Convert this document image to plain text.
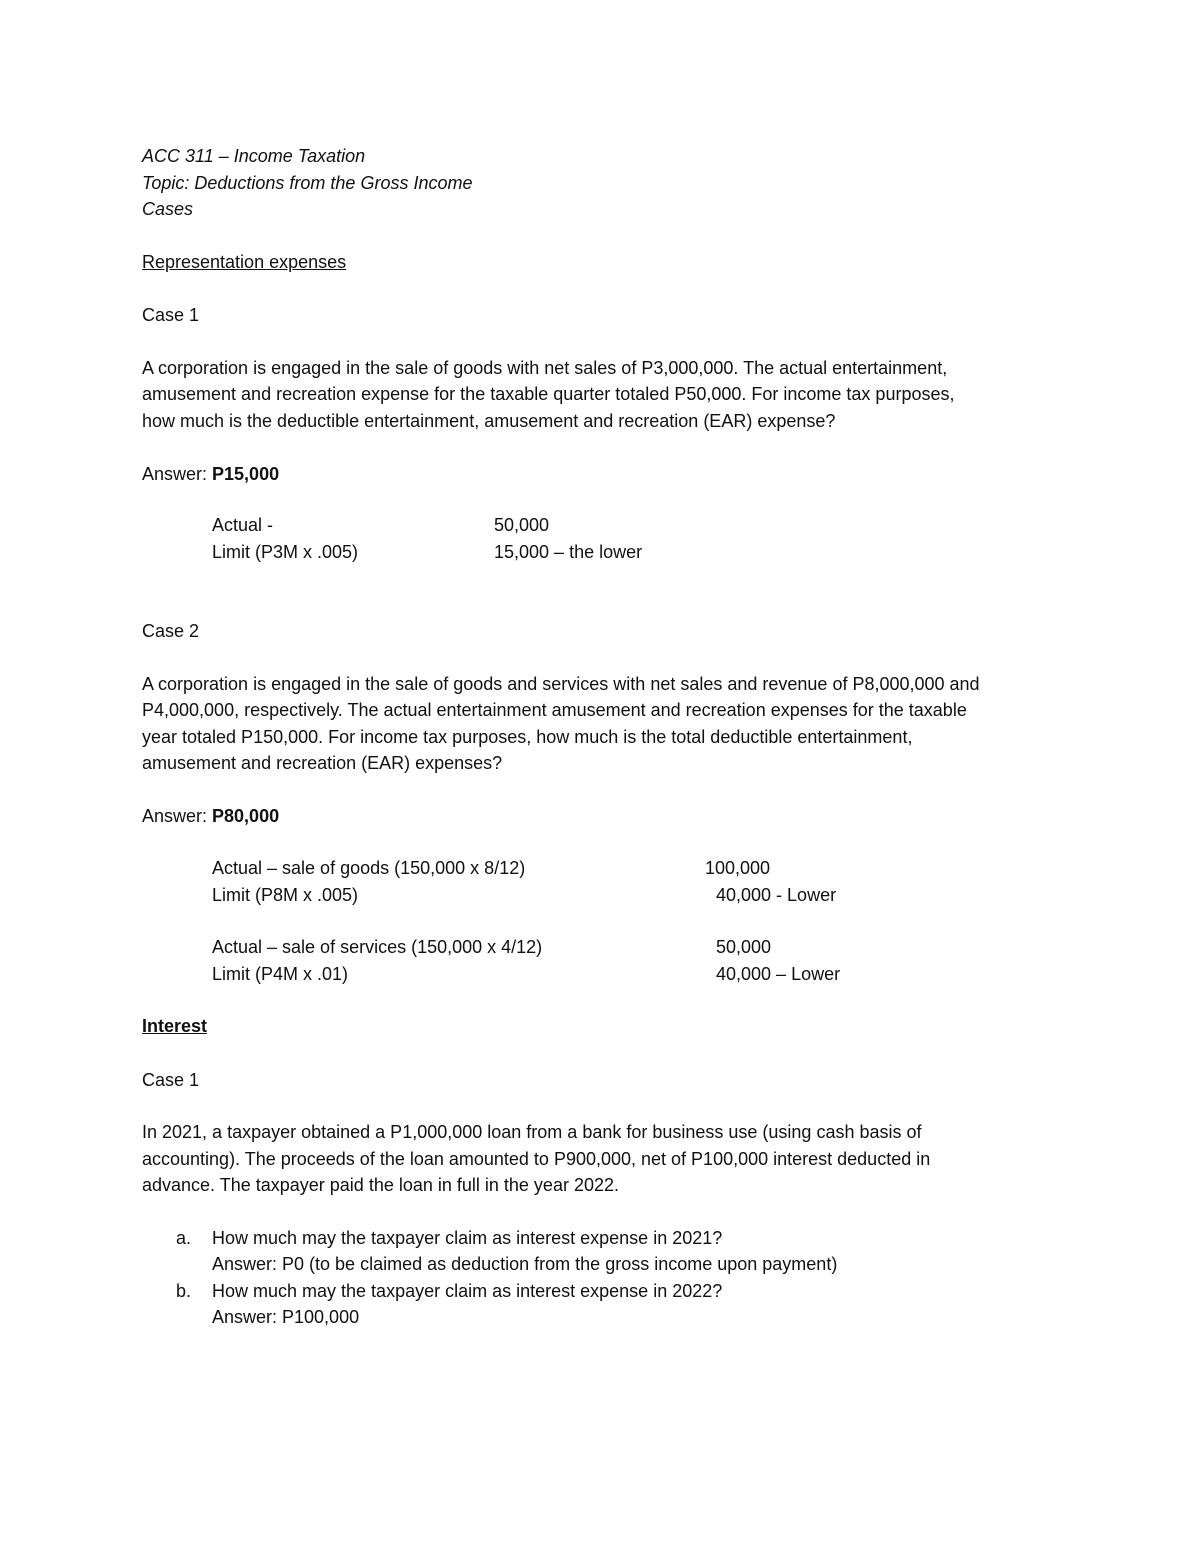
ACC 311 – Income Taxation
Topic: Deductions from the Gross Income
Cases
Representation expenses
Case 1
A corporation is engaged in the sale of goods with net sales of P3,000,000. The actual entertainment,
amusement and recreation expense for the taxable quarter totaled P50,000. For income tax purposes,
how much is the deductible entertainment, amusement and recreation (EAR) expense?
Answer: P15,000
Actual -	50,000
Limit (P3M x .005)	15,000 – the lower
Case 2
A corporation is engaged in the sale of goods and services with net sales and revenue of P8,000,000 and
P4,000,000, respectively. The actual entertainment amusement and recreation expenses for the taxable
year totaled P150,000. For income tax purposes, how much is the total deductible entertainment,
amusement and recreation (EAR) expenses?
Answer: P80,000
Actual – sale of goods (150,000 x 8/12)	100,000
Limit (P8M x .005)	40,000 - Lower
Actual – sale of services (150,000 x 4/12)	50,000
Limit (P4M x .01)	40,000 – Lower
Interest
Case 1
In 2021, a taxpayer obtained a P1,000,000 loan from a bank for business use (using cash basis of
accounting). The proceeds of the loan amounted to P900,000, net of P100,000 interest deducted in
advance. The taxpayer paid the loan in full in the year 2022.
a. How much may the taxpayer claim as interest expense in 2021?
Answer: P0 (to be claimed as deduction from the gross income upon payment)
b. How much may the taxpayer claim as interest expense in 2022?
Answer: P100,000
